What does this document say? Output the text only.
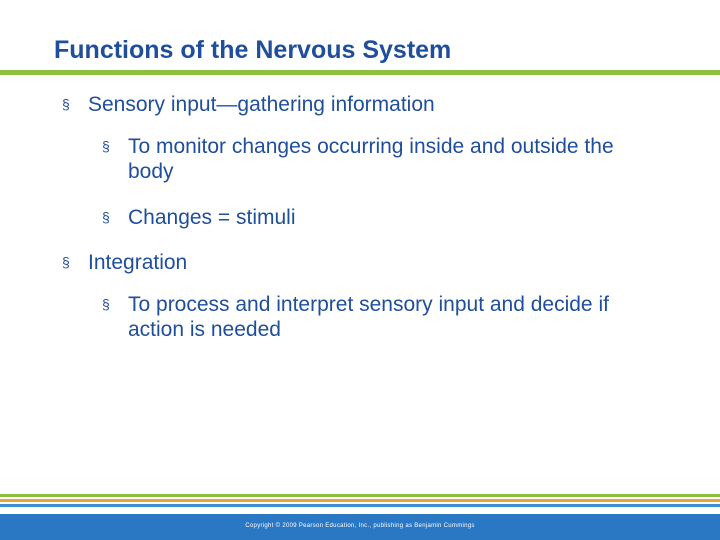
Functions of the Nervous System
§ Sensory input—gathering information
§ To monitor changes occurring inside and outside the body
§ Changes = stimuli
§ Integration
§ To process and interpret sensory input and decide if action is needed
Copyright © 2009 Pearson Education, Inc., publishing as Benjamin Cummings
